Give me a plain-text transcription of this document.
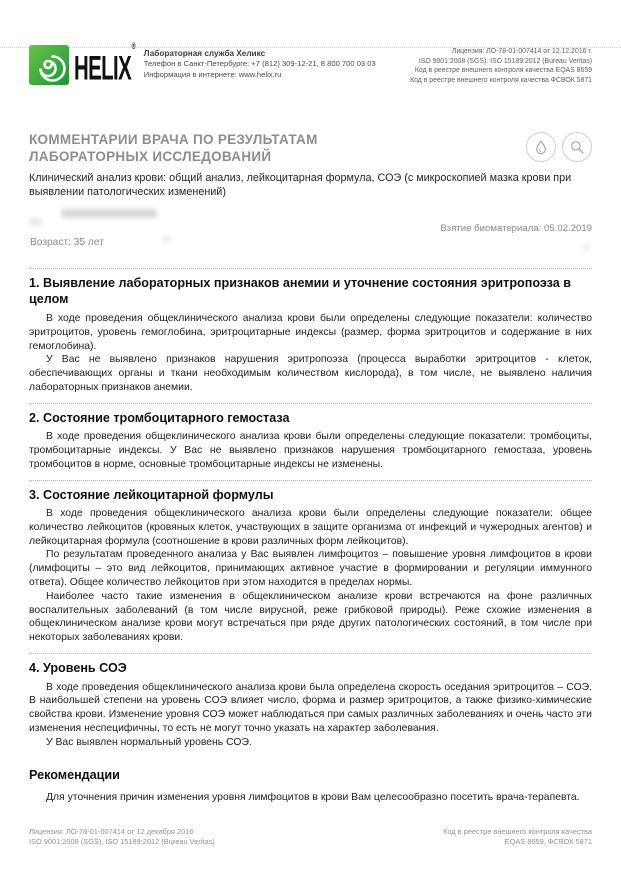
HELIX®
Лабораторная служба Хеликс
Телефон в Санкт-Петербурге: +7 (812) 309-12-21, 8 800 700 03 03
Информация в интернете: www.helix.ru
Лицензия: ЛО-78-01-007414 от 12.12.2016 г.
ISO 9001:2008 (SGS). ISO 15189:2012 (Bureau Veritas)
Код в реестре внешнего контроля качества EQAS 8659
Код в реестре внешнего контроля качества ФСВОК 5871
КОММЕНТАРИИ ВРАЧА ПО РЕЗУЛЬТАТАМ ЛАБОРАТОРНЫХ ИССЛЕДОВАНИЙ
Клинический анализ крови: общий анализ, лейкоцитарная формула, СОЭ (с микроскопией мазка крови при выявлении патологических изменений)
Взятие биоматериала: 05.02.2019
Возраст: 35 лет
1. Выявление лабораторных признаков анемии и уточнение состояния эритропоэза в целом

В ходе проведения общеклинического анализа крови были определены следующие показатели: количество эритроцитов, уровень гемоглобина, эритроцитарные индексы (размер, форма эритроцитов и содержание в них гемоглобина).

У Вас не выявлено признаков нарушения эритропоэза (процесса выработки эритроцитов - клеток, обеспечивающих органы и ткани необходимым количеством кислорода), в том числе, не выявлено наличия лабораторных признаков анемии.

2. Состояние тромбоцитарного гемостаза

В ходе проведения общеклинического анализа крови были определены следующие показатели: тромбоциты, тромбоцитарные индексы. У Вас не выявлено признаков нарушения тромбоцитарного гемостаза, уровень тромбоцитов в норме, основные тромбоцитарные индексы не изменены.

3. Состояние лейкоцитарной формулы

В ходе проведения общеклинического анализа крови были определены следующие показатели: общее количество лейкоцитов (кровяных клеток, участвующих в защите организма от инфекций и чужеродных агентов) и лейкоцитарная формула (соотношение в крови различных форм лейкоцитов).

По результатам проведенного анализа у Вас выявлен лимфоцитоз – повышение уровня лимфоцитов в крови (лимфоциты – это вид лейкоцитов, принимающих активное участие в формировании и регуляции иммунного ответа). Общее количество лейкоцитов при этом находится в пределах нормы.

Наиболее часто такие изменения в общеклиническом анализе крови встречаются на фоне различных воспалительных заболеваний (в том числе вирусной, реже грибковой природы). Реже схожие изменения в общеклиническом анализе крови могут встречаться при ряде других патологических состояний, в том числе при некоторых заболеваниях крови.

4. Уровень СОЭ

В ходе проведения общеклинического анализа крови была определена скорость оседания эритроцитов – СОЭ. В наибольшей степени на уровень СОЭ влияет число, форма и размер эритроцитов, а также физико-химические свойства крови. Изменение уровня СОЭ может наблюдаться при самых различных заболеваниях и очень часто эти изменения неспецифичны, то есть не могут точно указать на характер заболевания.

У Вас выявлен нормальный уровень СОЭ.

Рекомендации

Для уточнения причин изменения уровня лимфоцитов в крови Вам целесообразно посетить врача-терапевта.

Лицензия: ЛО-78-01-007414 от 12 декабря 2016
ISO 9001:2008 (SGS), ISO 15189:2012 (Bureau Veritas)
Код в реестре внешнего контроля качества
EQAS 8659, ФСВОК 5871
